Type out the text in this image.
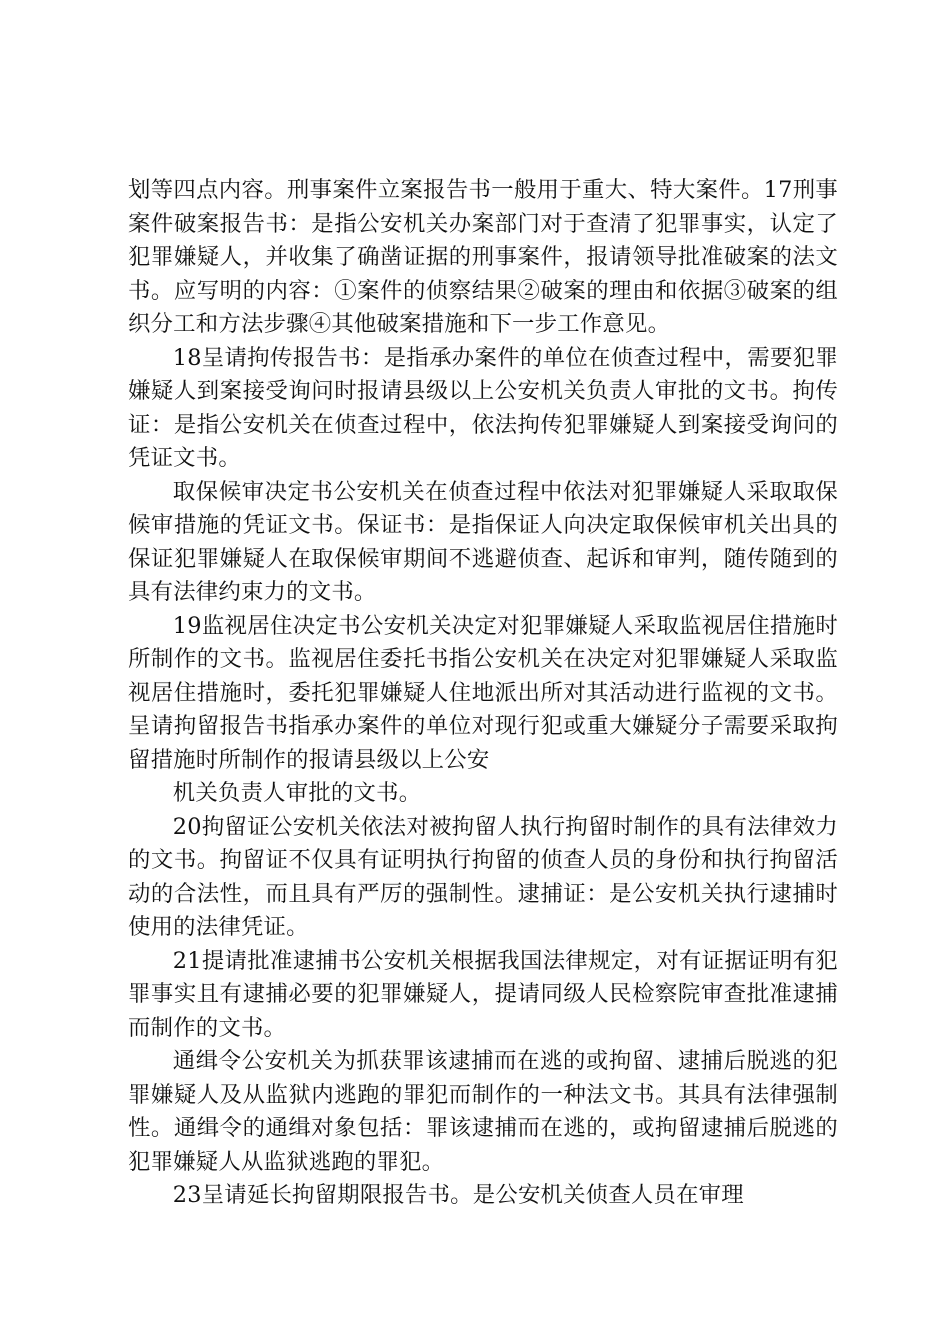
划等四点内容。刑事案件立案报告书一般用于重大、特大案件。17刑事案件破案报告书：是指公安机关办案部门对于查清了犯罪事实，认定了犯罪嫌疑人，并收集了确凿证据的刑事案件，报请领导批准破案的法文书。应写明的内容：①案件的侦察结果②破案的理由和依据③破案的组织分工和方法步骤④其他破案措施和下一步工作意见。

18呈请拘传报告书：是指承办案件的单位在侦查过程中，需要犯罪嫌疑人到案接受询问时报请县级以上公安机关负责人审批的文书。拘传证：是指公安机关在侦查过程中，依法拘传犯罪嫌疑人到案接受询问的凭证文书。

取保候审决定书公安机关在侦查过程中依法对犯罪嫌疑人采取取保候审措施的凭证文书。保证书：是指保证人向决定取保候审机关出具的保证犯罪嫌疑人在取保候审期间不逃避侦查、起诉和审判，随传随到的具有法律约束力的文书。

19监视居住决定书公安机关决定对犯罪嫌疑人采取监视居住措施时所制作的文书。监视居住委托书指公安机关在决定对犯罪嫌疑人采取监视居住措施时，委托犯罪嫌疑人住地派出所对其活动进行监视的文书。呈请拘留报告书指承办案件的单位对现行犯或重大嫌疑分子需要采取拘留措施时所制作的报请县级以上公安

机关负责人审批的文书。

20拘留证公安机关依法对被拘留人执行拘留时制作的具有法律效力的文书。拘留证不仅具有证明执行拘留的侦查人员的身份和执行拘留活动的合法性，而且具有严厉的强制性。逮捕证：是公安机关执行逮捕时使用的法律凭证。

21提请批准逮捕书公安机关根据我国法律规定，对有证据证明有犯罪事实且有逮捕必要的犯罪嫌疑人，提请同级人民检察院审查批准逮捕而制作的文书。

通缉令公安机关为抓获罪该逮捕而在逃的或拘留、逮捕后脱逃的犯罪嫌疑人及从监狱内逃跑的罪犯而制作的一种法文书。其具有法律强制性。通缉令的通缉对象包括：罪该逮捕而在逃的，或拘留逮捕后脱逃的犯罪嫌疑人从监狱逃跑的罪犯。

23呈请延长拘留期限报告书。是公安机关侦查人员在审理
